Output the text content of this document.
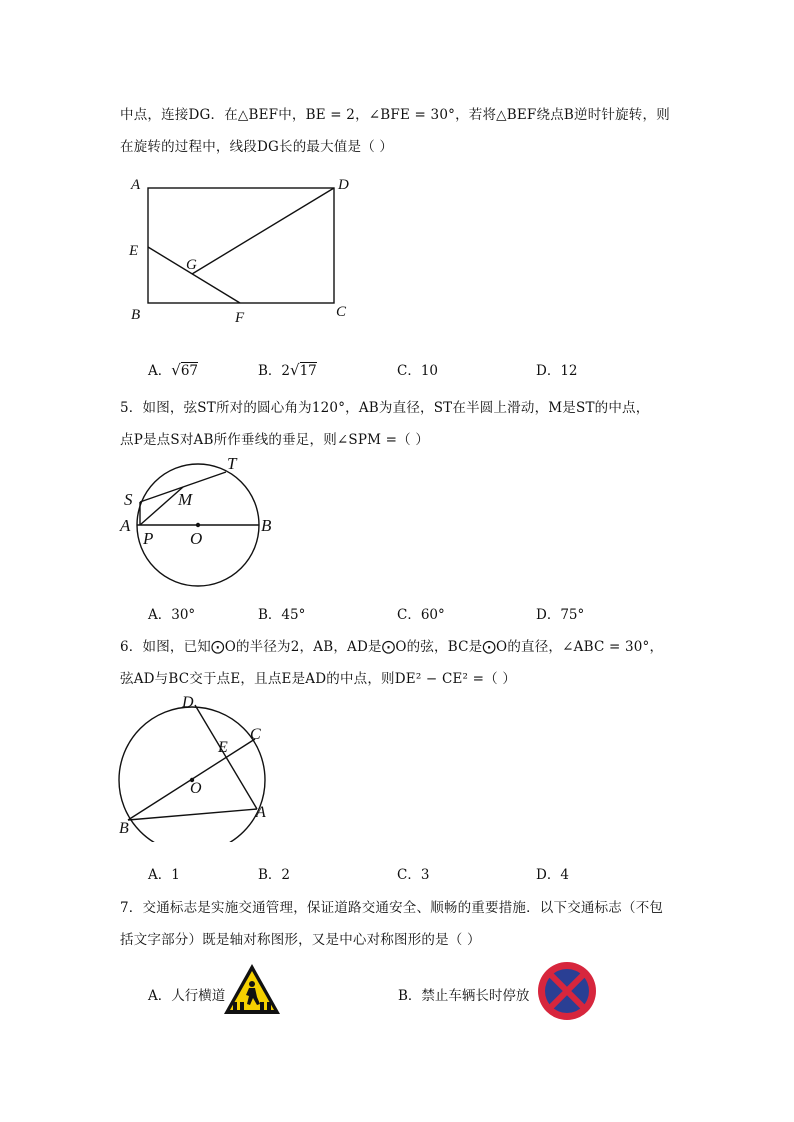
中点，连接DG．在△BEF中，BE = 2，∠BFE = 30°，若将△BEF绕点B逆时针旋转，则
在旋转的过程中，线段DG长的最大值是（ ）
A	D
E
G
B	F	C
A．√67	B．2√17	C．10	D．12
5．如图，弦ST所对的圆心角为120°，AB为直径，ST在半圆上滑动，M是ST的中点，
点P是点S对AB所作垂线的垂足，则∠SPM =（ ）
T
S	M
A
P O
B
A．30°	B．45°	C．60°	D．75°
6．如图，已知⨀O的半径为2，AB，AD是⨀O的弦，BC是⨀O的直径，∠ABC = 30°，
弦AD与BC交于点E，且点E是AD的中点，则DE² − CE² =（ ）
D
C
E
O
B
A
A．1	B．2	C．3	D．4
7．交通标志是实施交通管理，保证道路交通安全、顺畅的重要措施．以下交通标志（不包
括文字部分）既是轴对称图形，又是中心对称图形的是（ ）
A．人行横道	B．禁止车辆长时停放
